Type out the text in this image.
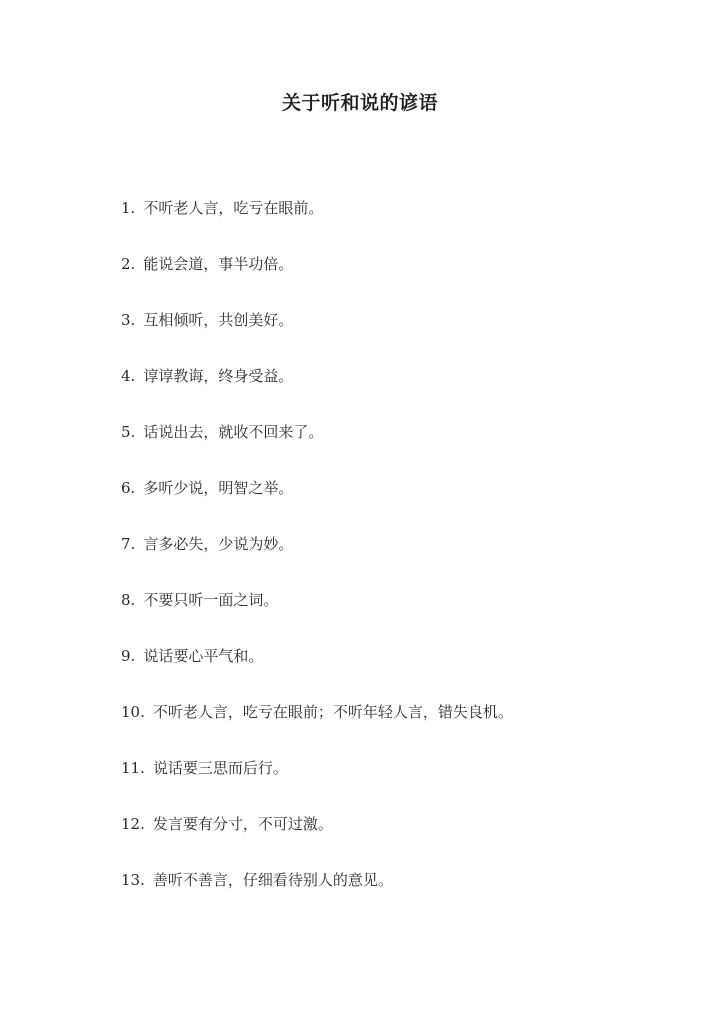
关于听和说的谚语
1. 不听老人言，吃亏在眼前。
2. 能说会道，事半功倍。
3. 互相倾听，共创美好。
4. 谆谆教诲，终身受益。
5. 话说出去，就收不回来了。
6. 多听少说，明智之举。
7. 言多必失，少说为妙。
8. 不要只听一面之词。
9. 说话要心平气和。
10. 不听老人言，吃亏在眼前；不听年轻人言，错失良机。
11. 说话要三思而后行。
12. 发言要有分寸，不可过激。
13. 善听不善言，仔细看待别人的意见。
